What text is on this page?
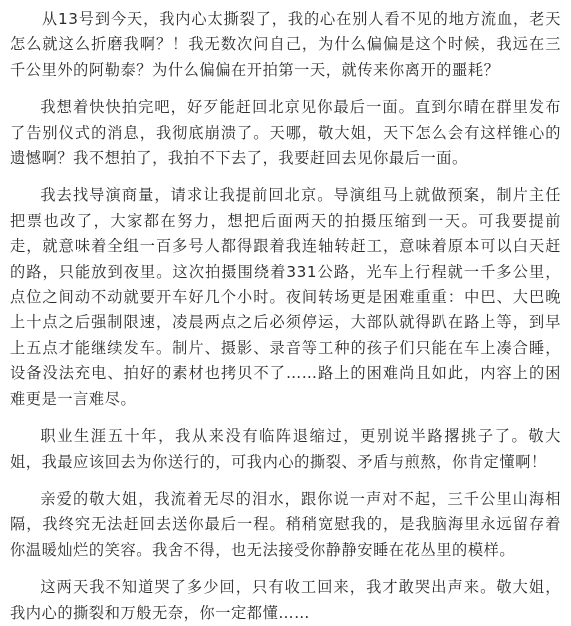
从13号到今天，我内心太撕裂了，我的心在别人看不见的地方流血，老天怎么就这么折磨我啊？！我无数次问自己，为什么偏偏是这个时候，我远在三千公里外的阿勒泰？为什么偏偏在开拍第一天，就传来你离开的噩耗？

我想着快快拍完吧，好歹能赶回北京见你最后一面。直到尔晴在群里发布了告别仪式的消息，我彻底崩溃了。天哪，敬大姐，天下怎么会有这样锥心的遗憾啊？我不想拍了，我拍不下去了，我要赶回去见你最后一面。

我去找导演商量，请求让我提前回北京。导演组马上就做预案，制片主任把票也改了，大家都在努力，想把后面两天的拍摄压缩到一天。可我要提前走，就意味着全组一百多号人都得跟着我连轴转赶工，意味着原本可以白天赶的路，只能放到夜里。这次拍摄围绕着331公路，光车上行程就一千多公里，点位之间动不动就要开车好几个小时。夜间转场更是困难重重：中巴、大巴晚上十点之后强制限速，凌晨两点之后必须停运，大部队就得趴在路上等，到早上五点才能继续发车。制片、摄影、录音等工种的孩子们只能在车上凑合睡，设备没法充电、拍好的素材也拷贝不了……路上的困难尚且如此，内容上的困难更是一言难尽。

职业生涯五十年，我从来没有临阵退缩过，更别说半路撂挑子了。敬大姐，我最应该回去为你送行的，可我内心的撕裂、矛盾与煎熬，你肯定懂啊！

亲爱的敬大姐，我流着无尽的泪水，跟你说一声对不起，三千公里山海相隔，我终究无法赶回去送你最后一程。稍稍宽慰我的，是我脑海里永远留存着你温暖灿烂的笑容。我舍不得，也无法接受你静静安睡在花丛里的模样。

这两天我不知道哭了多少回，只有收工回来，我才敢哭出声来。敬大姐，我内心的撕裂和万般无奈，你一定都懂……
